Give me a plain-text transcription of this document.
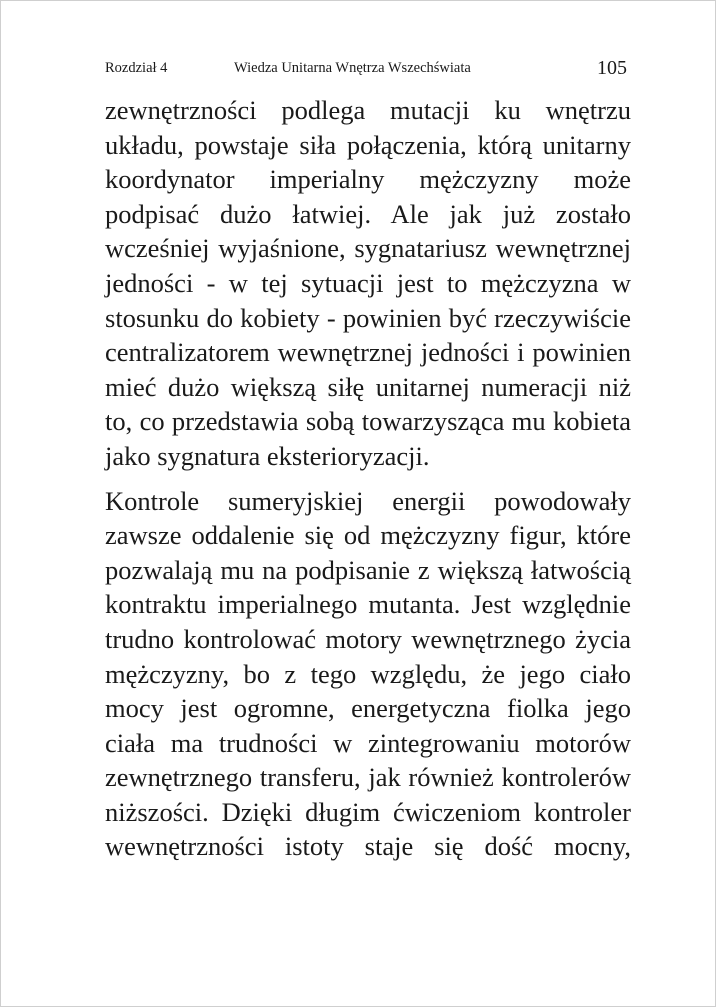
Rozdział 4	Wiedza Unitarna Wnętrza Wszechświata	105

zewnętrzności podlega mutacji ku wnętrzu układu, powstaje siła połączenia, którą unitarny koordynator imperialny mężczyzny może podpisać dużo łatwiej. Ale jak już zostało wcześniej wyjaśnione, sygnatariusz wewnętrznej jedności - w tej sytuacji jest to mężczyzna w stosunku do kobiety - powinien być rzeczywiście centralizatorem wewnętrznej jedności i powinien mieć dużo większą siłę unitarnej numeracji niż to, co przedstawia sobą towarzysząca mu kobieta jako sygnatura eksterioryzacji.

Kontrole sumeryjskiej energii powodowały zawsze oddalenie się od mężczyzny figur, które pozwalają mu na podpisanie z większą łatwością kontraktu imperialnego mutanta. Jest względnie trudno kontrolować motory wewnętrznego życia mężczyzny, bo z tego względu, że jego ciało mocy jest ogromne, energetyczna fiolka jego ciała ma trudności w zintegrowaniu motorów zewnętrznego transferu, jak również kontrolerów niższości. Dzięki długim ćwiczeniom kontroler wewnętrzności istoty staje się dość mocny,
